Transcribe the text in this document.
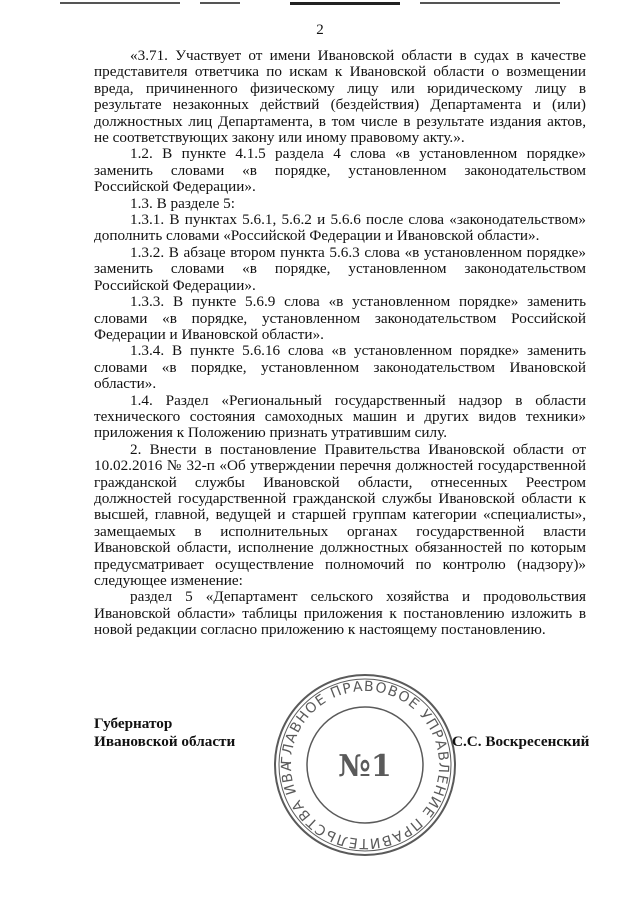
2

«3.71. Участвует от имени Ивановской области в судах в качестве представителя ответчика по искам к Ивановской области о возмещении вреда, причиненного физическому лицу или юридическому лицу в результате незаконных действий (бездействия) Департамента и (или) должностных лиц Департамента, в том числе в результате издания актов, не соответствующих закону или иному правовому акту.».

1.2. В пункте 4.1.5 раздела 4 слова «в установленном порядке» заменить словами «в порядке, установленном законодательством Российской Федерации».

1.3. В разделе 5:

1.3.1. В пунктах 5.6.1, 5.6.2 и 5.6.6 после слова «законодательством» дополнить словами «Российской Федерации и Ивановской области».

1.3.2. В абзаце втором пункта 5.6.3 слова «в установленном порядке» заменить словами «в порядке, установленном законодательством Российской Федерации».

1.3.3. В пункте 5.6.9 слова «в установленном порядке» заменить словами «в порядке, установленном законодательством Российской Федерации и Ивановской области».

1.3.4. В пункте 5.6.16 слова «в установленном порядке» заменить словами «в порядке, установленном законодательством Ивановской области».

1.4. Раздел «Региональный государственный надзор в области технического состояния самоходных машин и других видов техники» приложения к Положению признать утратившим силу.

2. Внести в постановление Правительства Ивановской области от 10.02.2016 № 32-п «Об утверждении перечня должностей государственной гражданской службы Ивановской области, отнесенных Реестром должностей государственной гражданской службы Ивановской области к высшей, главной, ведущей и старшей группам категории «специалисты», замещаемых в исполнительных органах государственной власти Ивановской области, исполнение должностных обязанностей по которым предусматривает осуществление полномочий по контролю (надзору)» следующее изменение:

раздел 5 «Департамент сельского хозяйства и продовольствия Ивановской области» таблицы приложения к постановлению изложить в новой редакции согласно приложению к настоящему постановлению.

Губернатор
Ивановской области
ГЛАВНОЕ ПРАВОВОЕ УПРАВЛЕНИЕ ПРАВИТЕЛЬСТВА ИВА	№1
С.С. Воскресенский
